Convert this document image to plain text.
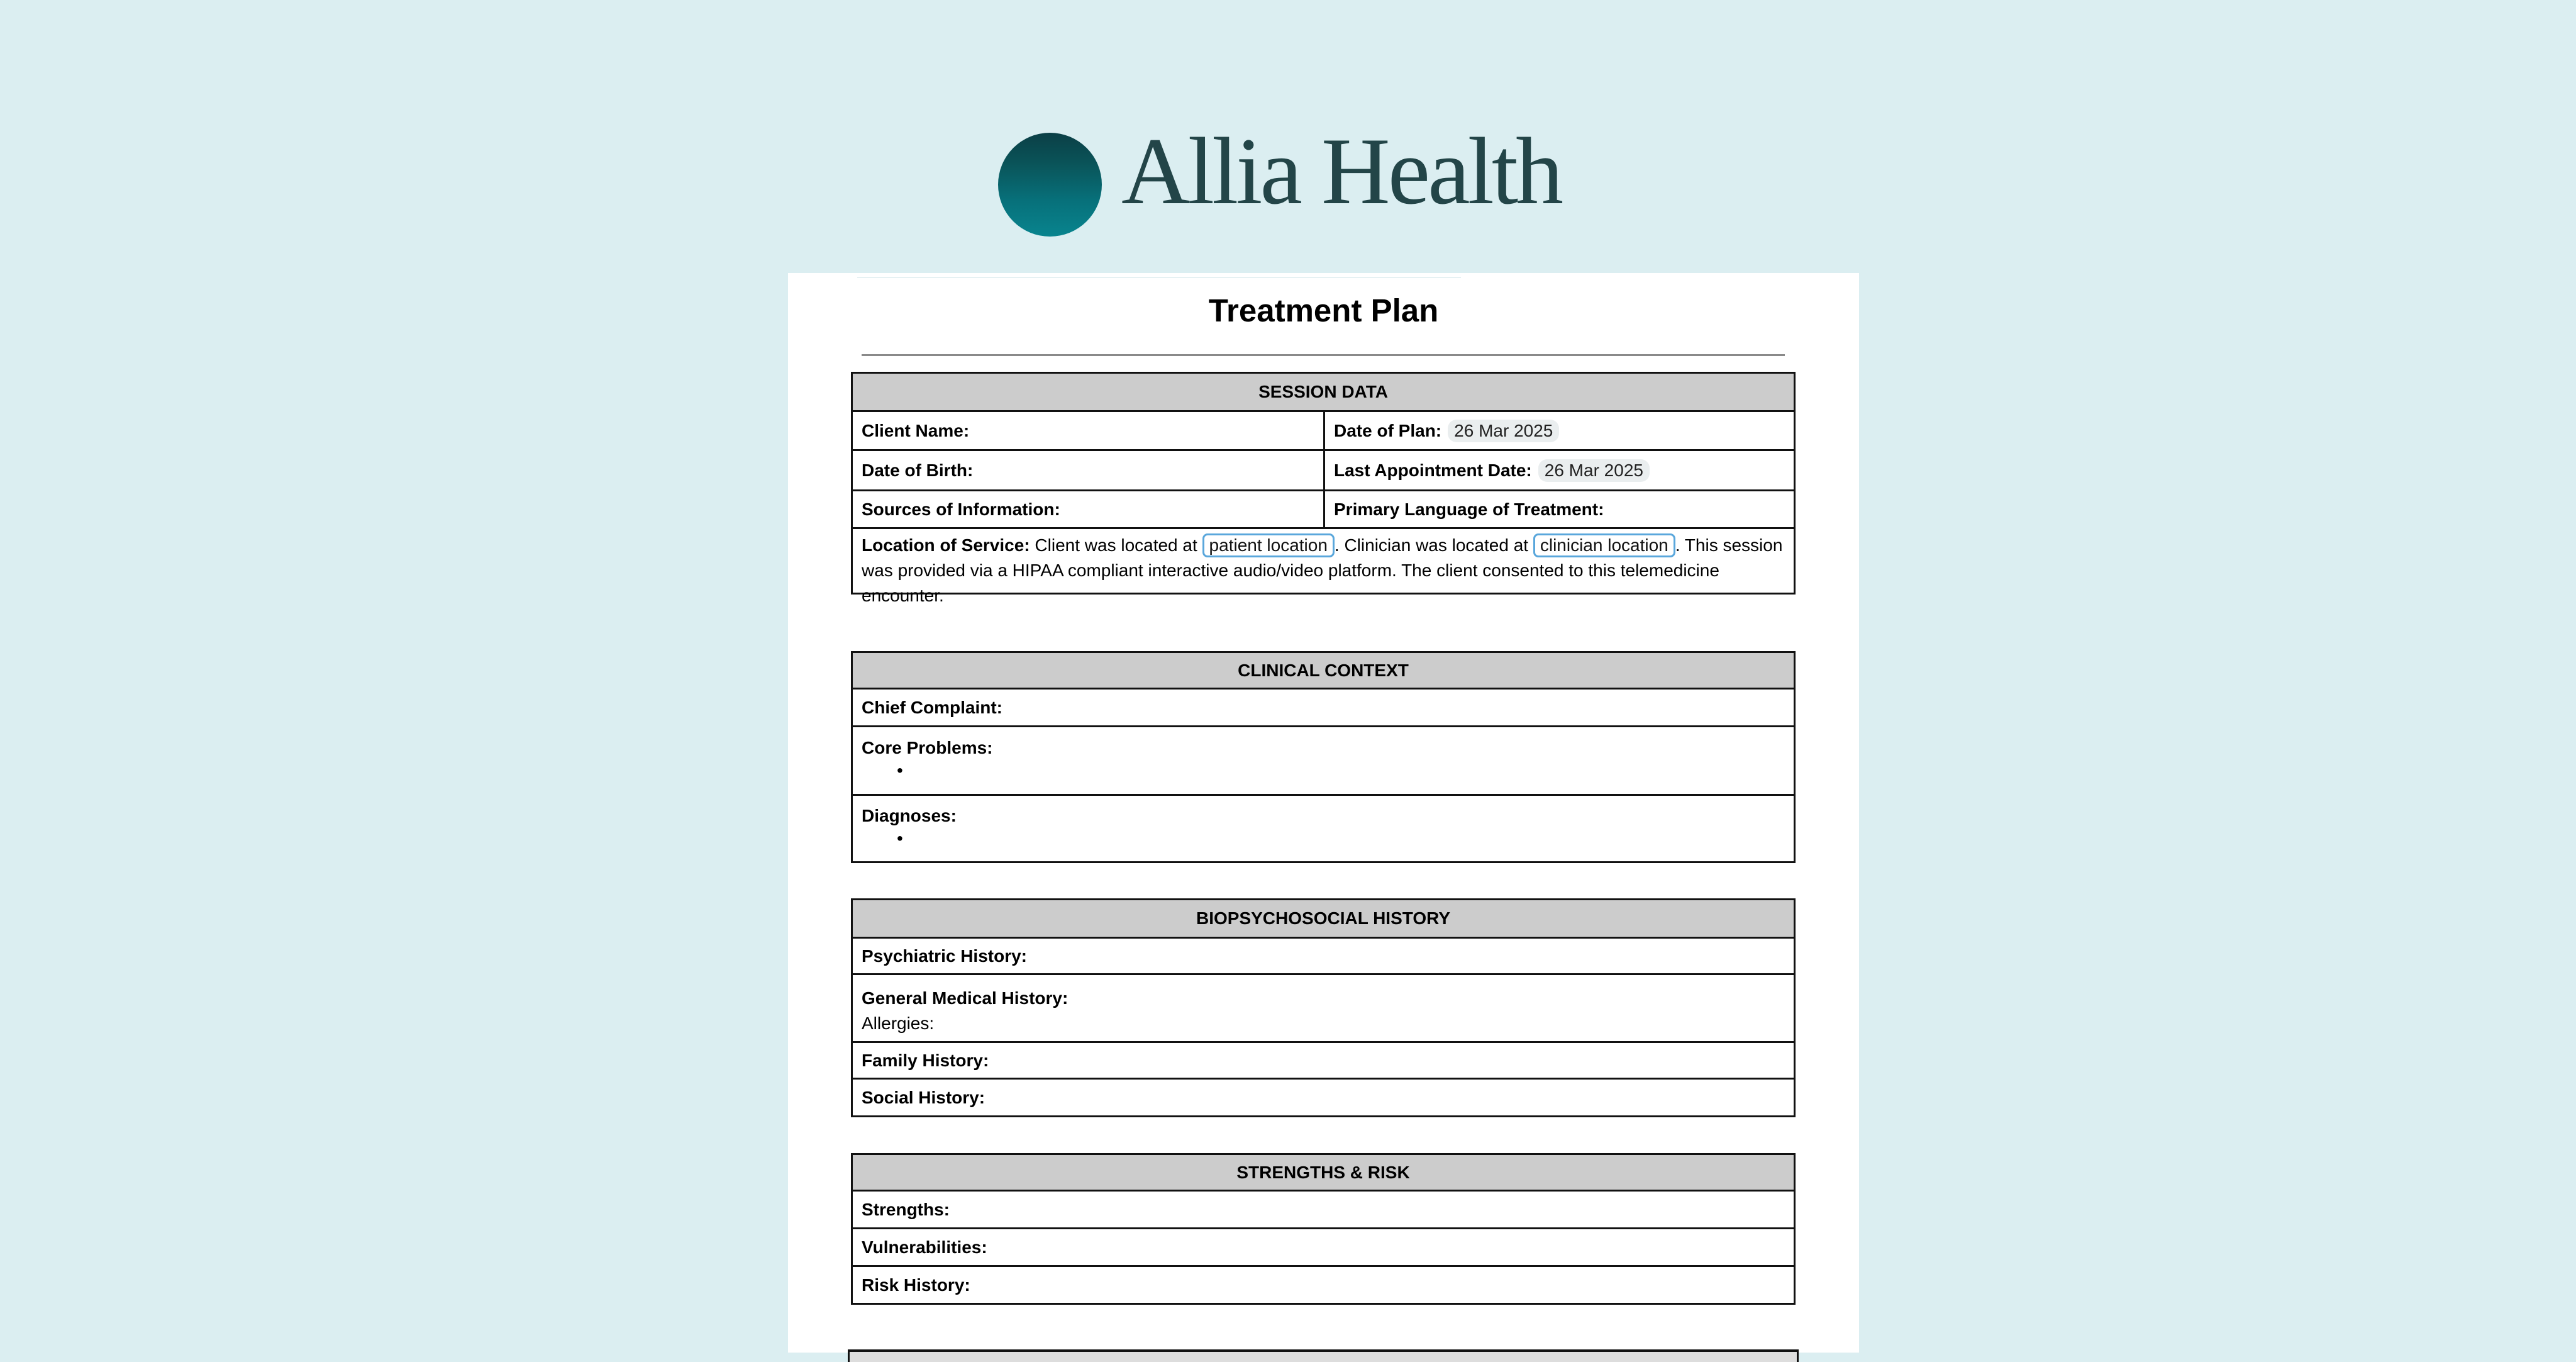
Allia Health
Treatment Plan
SESSION DATA
Client Name:	Date of Plan: 26 Mar 2025
Date of Birth:	Last Appointment Date: 26 Mar 2025
Sources of Information:	Primary Language of Treatment:
Location of Service: Client was located at patient location . Clinician was located at clinician location . This session was provided via a HIPAA compliant interactive audio/video platform. The client consented to this telemedicine encounter.
CLINICAL CONTEXT
Chief Complaint:
Core Problems:
•
Diagnoses:
•
BIOPSYCHOSOCIAL HISTORY
Psychiatric History:
General Medical History:
Allergies:
Family History:
Social History:
STRENGTHS & RISK
Strengths:
Vulnerabilities:
Risk History:
